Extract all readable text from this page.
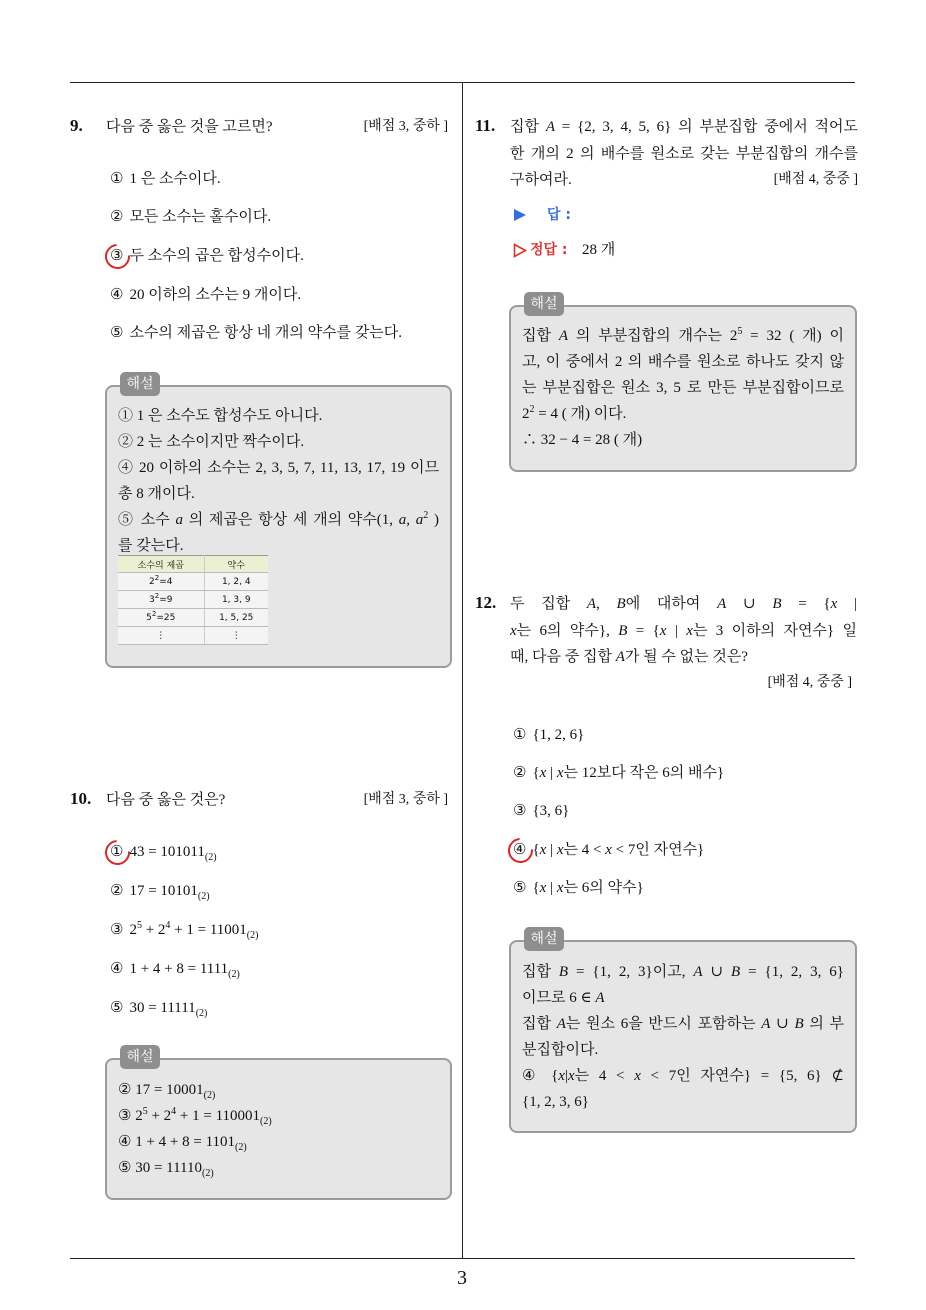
9. 다음 중 옳은 것을 고르면?	[배점 3, 중하 ]
① 1 은 소수이다.
② 모든 소수는 홀수이다.
③ 두 소수의 곱은 합성수이다.
④ 20 이하의 소수는 9 개이다.
⑤ 소수의 제곱은 항상 네 개의 약수를 갖는다.
해설
① 1 은 소수도 합성수도 아니다.
② 2 는 소수이지만 짝수이다.
④ 20 이하의 소수는 2, 3, 5, 7, 11, 13, 17, 19 이므
총 8 개이다.
⑤ 소수 a 의 제곱은 항상 세 개의 약수(1, a, $a^2$ )
를 갖는다.
소수의 제곱	약수
$2^2=4$	1, 2, 4
$3^2=9$	1, 3, 9
$5^2=25$	1, 5, 25
⋮	⋮
10. 다음 중 옳은 것은?	[배점 3, 중하 ]
① $43 = 101011_{(2)}$
② $17 = 10101_{(2)}$
③ $2^5 + 2^4 + 1 = 11001_{(2)}$
④ $1 + 4 + 8 = 1111_{(2)}$
⑤ $30 = 11111_{(2)}$
해설
② $17 = 10001_{(2)}$
③ $2^5 + 2^4 + 1 = 110001_{(2)}$
④ $1 + 4 + 8 = 1101_{(2)}$
⑤ $30 = 11110_{(2)}$
11. 집합 A = {2, 3, 4, 5, 6} 의 부분집합 중에서 적어도
한 개의 2 의 배수를 원소로 갖는 부분집합의 개수를
구하여라.	[배점 4, 중중 ]
답 :
정답 : 28 개
해설
집합 A 의 부분집합의 개수는 $2^5 = 32$ ( 개) 이
고, 이 중에서 2 의 배수를 원소로 하나도 갖지 않
는 부분집합은 원소 3, 5 로 만든 부분집합이므로
$2^2 = 4$ ( 개) 이다.
∴ 32 − 4 = 28 ( 개)
12. 두 집합 A, B에 대하여 A ∪ B = {x |
x는 6의 약수}, B = {x | x는 3 이하의 자연수} 일
때, 다음 중 집합 A가 될 수 없는 것은?
[배점 4, 중중 ]
① {1, 2, 6}
② {x | x는 12보다 작은 6의 배수}
③ {3, 6}
④ {x | x는 4 < x < 7인 자연수}
⑤ {x | x는 6의 약수}
해설
집합 B = {1, 2, 3}이고, A ∪ B = {1, 2, 3, 6}
이므로 6 ∈ A
집합 A는 원소 6을 반드시 포함하는 A ∪ B 의 부
분집합이다.
④ {x|x는 4 < x < 7인 자연수} = {5, 6} ⊄
{1, 2, 3, 6}
3
